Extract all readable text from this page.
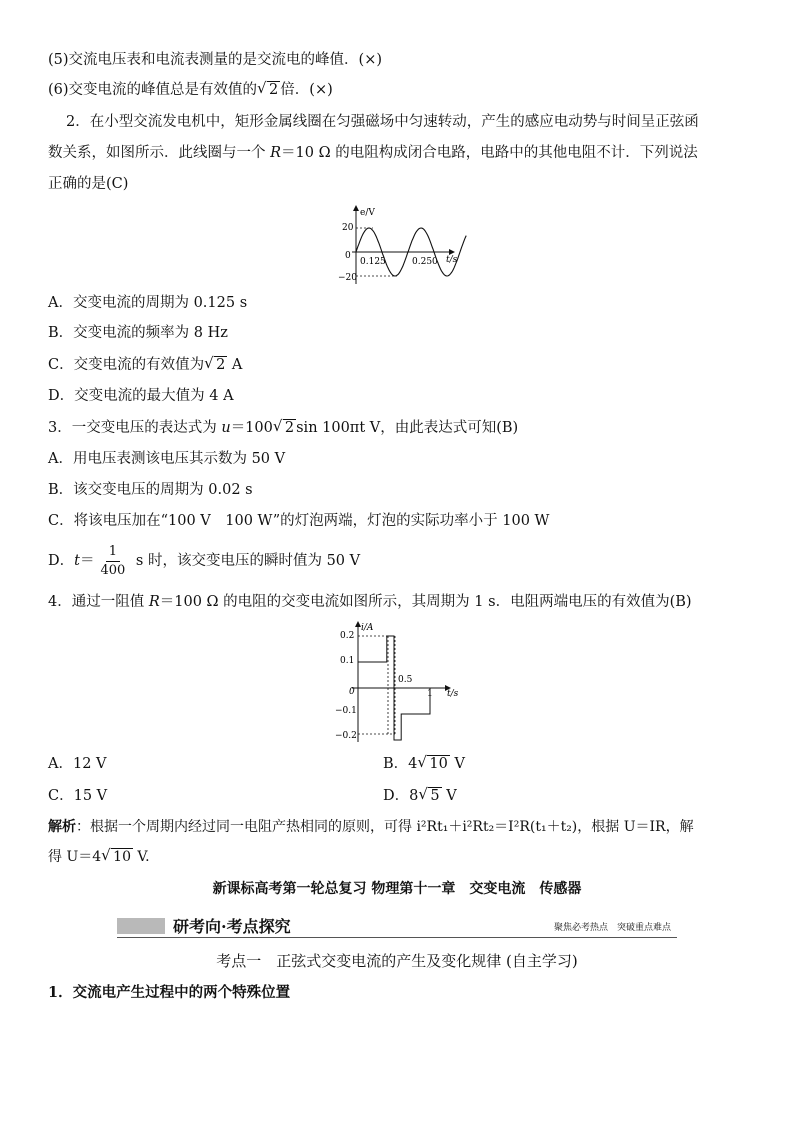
(5)交流电压表和电流表测量的是交流电的峰值．(×)
(6)交变电流的峰值总是有效值的 √ 2 倍．(×)
2．在小型交流发电机中，矩形金属线圈在匀强磁场中匀速转动，产生的感应电动势与时间呈正弦函
数关系，如图所示．此线圈与一个 R＝10 Ω 的电阻构成闭合电路，电路中的其他电阻不计．下列说法
正确的是(C)
e/V
t/s
20
0
−20
0.125	0.250
A．交变电流的周期为 0.125 s
B．交变电流的频率为 8 Hz
C．交变电流的有效值为 √ 2 A
D．交变电流的最大值为 4 A
3．一交变电压的表达式为 u＝100 √ 2 sin 100πt V，由此表达式可知(B)
A．用电压表测该电压其示数为 50 V
B．该交变电压的周期为 0.02 s
C．将该电压加在“100 V　100 W”的灯泡两端，灯泡的实际功率小于 100 W
D．$t= \frac{1}{400}$ s 时，该交变电压的瞬时值为 50 V
4．通过一阻值 R＝100 Ω 的电阻的交变电流如图所示，其周期为 1 s．电阻两端电压的有效值为(B)
i/A
t/s
0.2
0.1
0
−0.1
−0.2
0.5
1
A．12 V	B．4 √ 10 V
C．15 V	D．8 √ 5 V
解析：根据一个周期内经过同一电阻产热相同的原则，可得 i²Rt₁＋i²Rt₂＝I²R(t₁＋t₂)，根据 U＝IR，解
得 U＝4 √ 10 V.
新课标高考第一轮总复习 物理第十一章　交变电流　传感器
研考向·考点探究	聚焦必考热点　突破重点难点
考点一　正弦式交变电流的产生及变化规律 (自主学习)
1．交流电产生过程中的两个特殊位置
